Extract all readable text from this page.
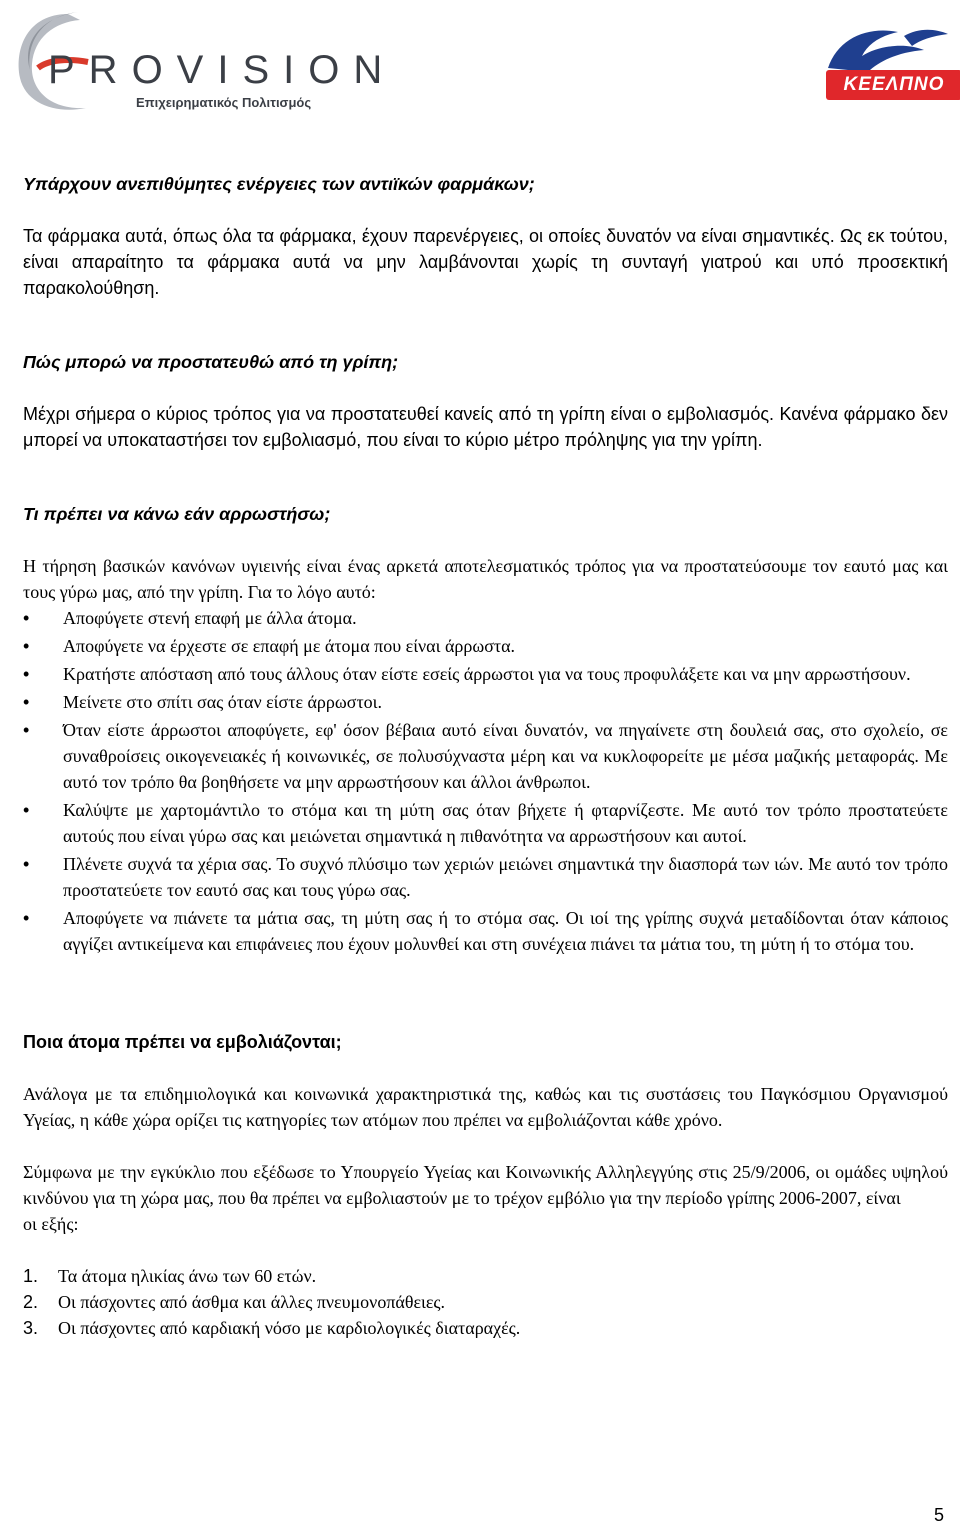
PROVISION
Επιχειρηματικός Πολιτισμός
ΚΕΕΛΠΝΟ
Υπάρχουν ανεπιθύμητες ενέργειες των αντιϊκών φαρμάκων;

Τα φάρμακα αυτά, όπως όλα τα φάρμακα, έχουν παρενέργειες, οι οποίες δυνατόν να είναι σημαντικές. Ως εκ τούτου, είναι απαραίτητο τα φάρμακα αυτά να μην λαμβάνονται χωρίς τη συνταγή γιατρού και υπό προσεκτική παρακολούθηση.

Πώς μπορώ να προστατευθώ από τη γρίπη;

Μέχρι σήμερα ο κύριος τρόπος για να προστατευθεί κανείς από τη γρίπη είναι ο εμβολιασμός. Κανένα φάρμακο δεν μπορεί να υποκαταστήσει τον εμβολιασμό, που είναι το κύριο μέτρο πρόληψης για την γρίπη.

Τι πρέπει να κάνω εάν αρρωστήσω;

Η τήρηση βασικών κανόνων υγιεινής είναι ένας αρκετά αποτελεσματικός τρόπος για να προστατεύσουμε τον εαυτό μας και τους γύρω μας, από την γρίπη. Για το λόγο αυτό:

• Αποφύγετε στενή επαφή με άλλα άτομα.
• Αποφύγετε να έρχεστε σε επαφή με άτομα που είναι άρρωστα.
• Κρατήστε απόσταση από τους άλλους όταν είστε εσείς άρρωστοι για να τους προφυλάξετε και να μην αρρωστήσουν.
• Μείνετε στο σπίτι σας όταν είστε άρρωστοι.
• Όταν είστε άρρωστοι αποφύγετε, εφ' όσον βέβαια αυτό είναι δυνατόν, να πηγαίνετε στη δουλειά σας, στο σχολείο, σε συναθροίσεις οικογενειακές ή κοινωνικές, σε πολυσύχναστα μέρη και να κυκλοφορείτε με μέσα μαζικής μεταφοράς. Με αυτό τον τρόπο θα βοηθήσετε να μην αρρωστήσουν και άλλοι άνθρωποι.
• Καλύψτε με χαρτομάντιλο το στόμα και τη μύτη σας όταν βήχετε ή φταρνίζεστε. Με αυτό τον τρόπο προστατεύετε αυτούς που είναι γύρω σας και μειώνεται σημαντικά η πιθανότητα να αρρωστήσουν και αυτοί.
• Πλένετε συχνά τα χέρια σας. Το συχνό πλύσιμο των χεριών μειώνει σημαντικά την διασπορά των ιών. Με αυτό τον τρόπο προστατεύετε τον εαυτό σας και τους γύρω σας.
• Αποφύγετε να πιάνετε τα μάτια σας, τη μύτη σας ή το στόμα σας. Οι ιοί της γρίπης συχνά μεταδίδονται όταν κάποιος αγγίζει αντικείμενα και επιφάνειες που έχουν μολυνθεί και στη συνέχεια πιάνει τα μάτια του, τη μύτη ή το στόμα του.
Ποια άτομα πρέπει να εμβολιάζονται;

Ανάλογα με τα επιδημιολογικά και κοινωνικά χαρακτηριστικά της, καθώς και τις συστάσεις του Παγκόσμιου Οργανισμού Υγείας, η κάθε χώρα ορίζει τις κατηγορίες των ατόμων που πρέπει να εμβολιάζονται κάθε χρόνο.

Σύμφωνα με την εγκύκλιο που εξέδωσε το Υπουργείο Υγείας και Κοινωνικής Αλληλεγγύης στις 25/9/2006, οι ομάδες υψηλού κινδύνου για τη χώρα μας, που θα πρέπει να εμβολιαστούν με το τρέχον εμβόλιο για την περίοδο γρίπης 2006-2007, είναι

οι εξής:

1. Τα άτομα ηλικίας άνω των 60 ετών.
2. Οι πάσχοντες από άσθμα και άλλες πνευμονοπάθειες.
3. Οι πάσχοντες από καρδιακή νόσο με καρδιολογικές διαταραχές.
5
